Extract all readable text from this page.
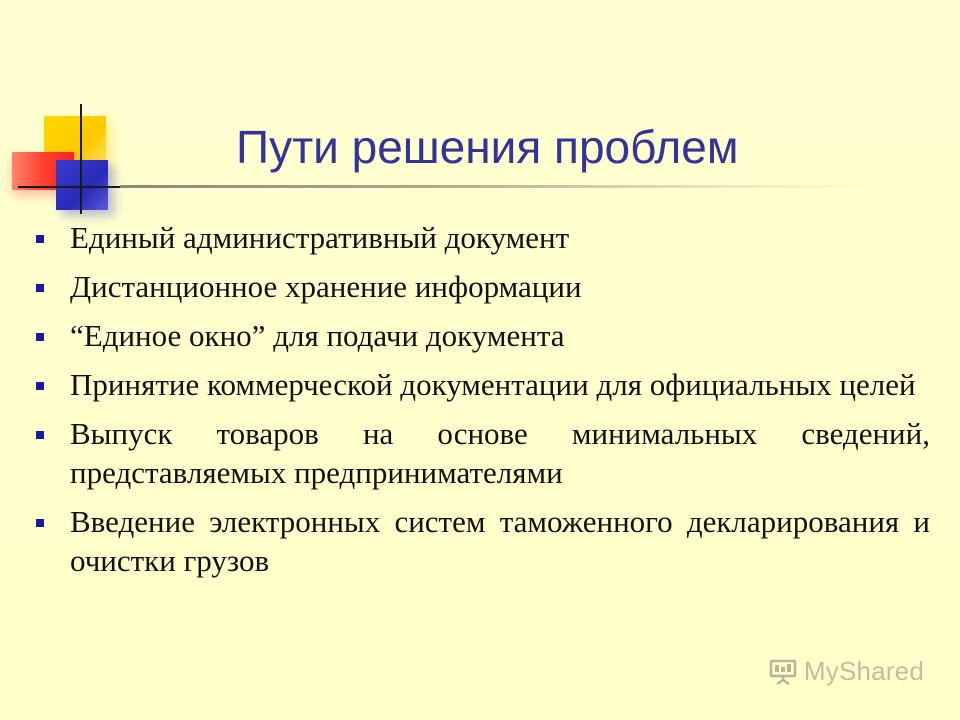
Пути решения проблем
Единый административный документ
Дистанционное хранение информации
“Единое окно” для подачи документа
Принятие коммерческой документации для официальных целей
Выпуск товаров на основе минимальных сведений, представляемых предпринимателями
Введение электронных систем таможенного декларирования и очистки грузов
MyShared
